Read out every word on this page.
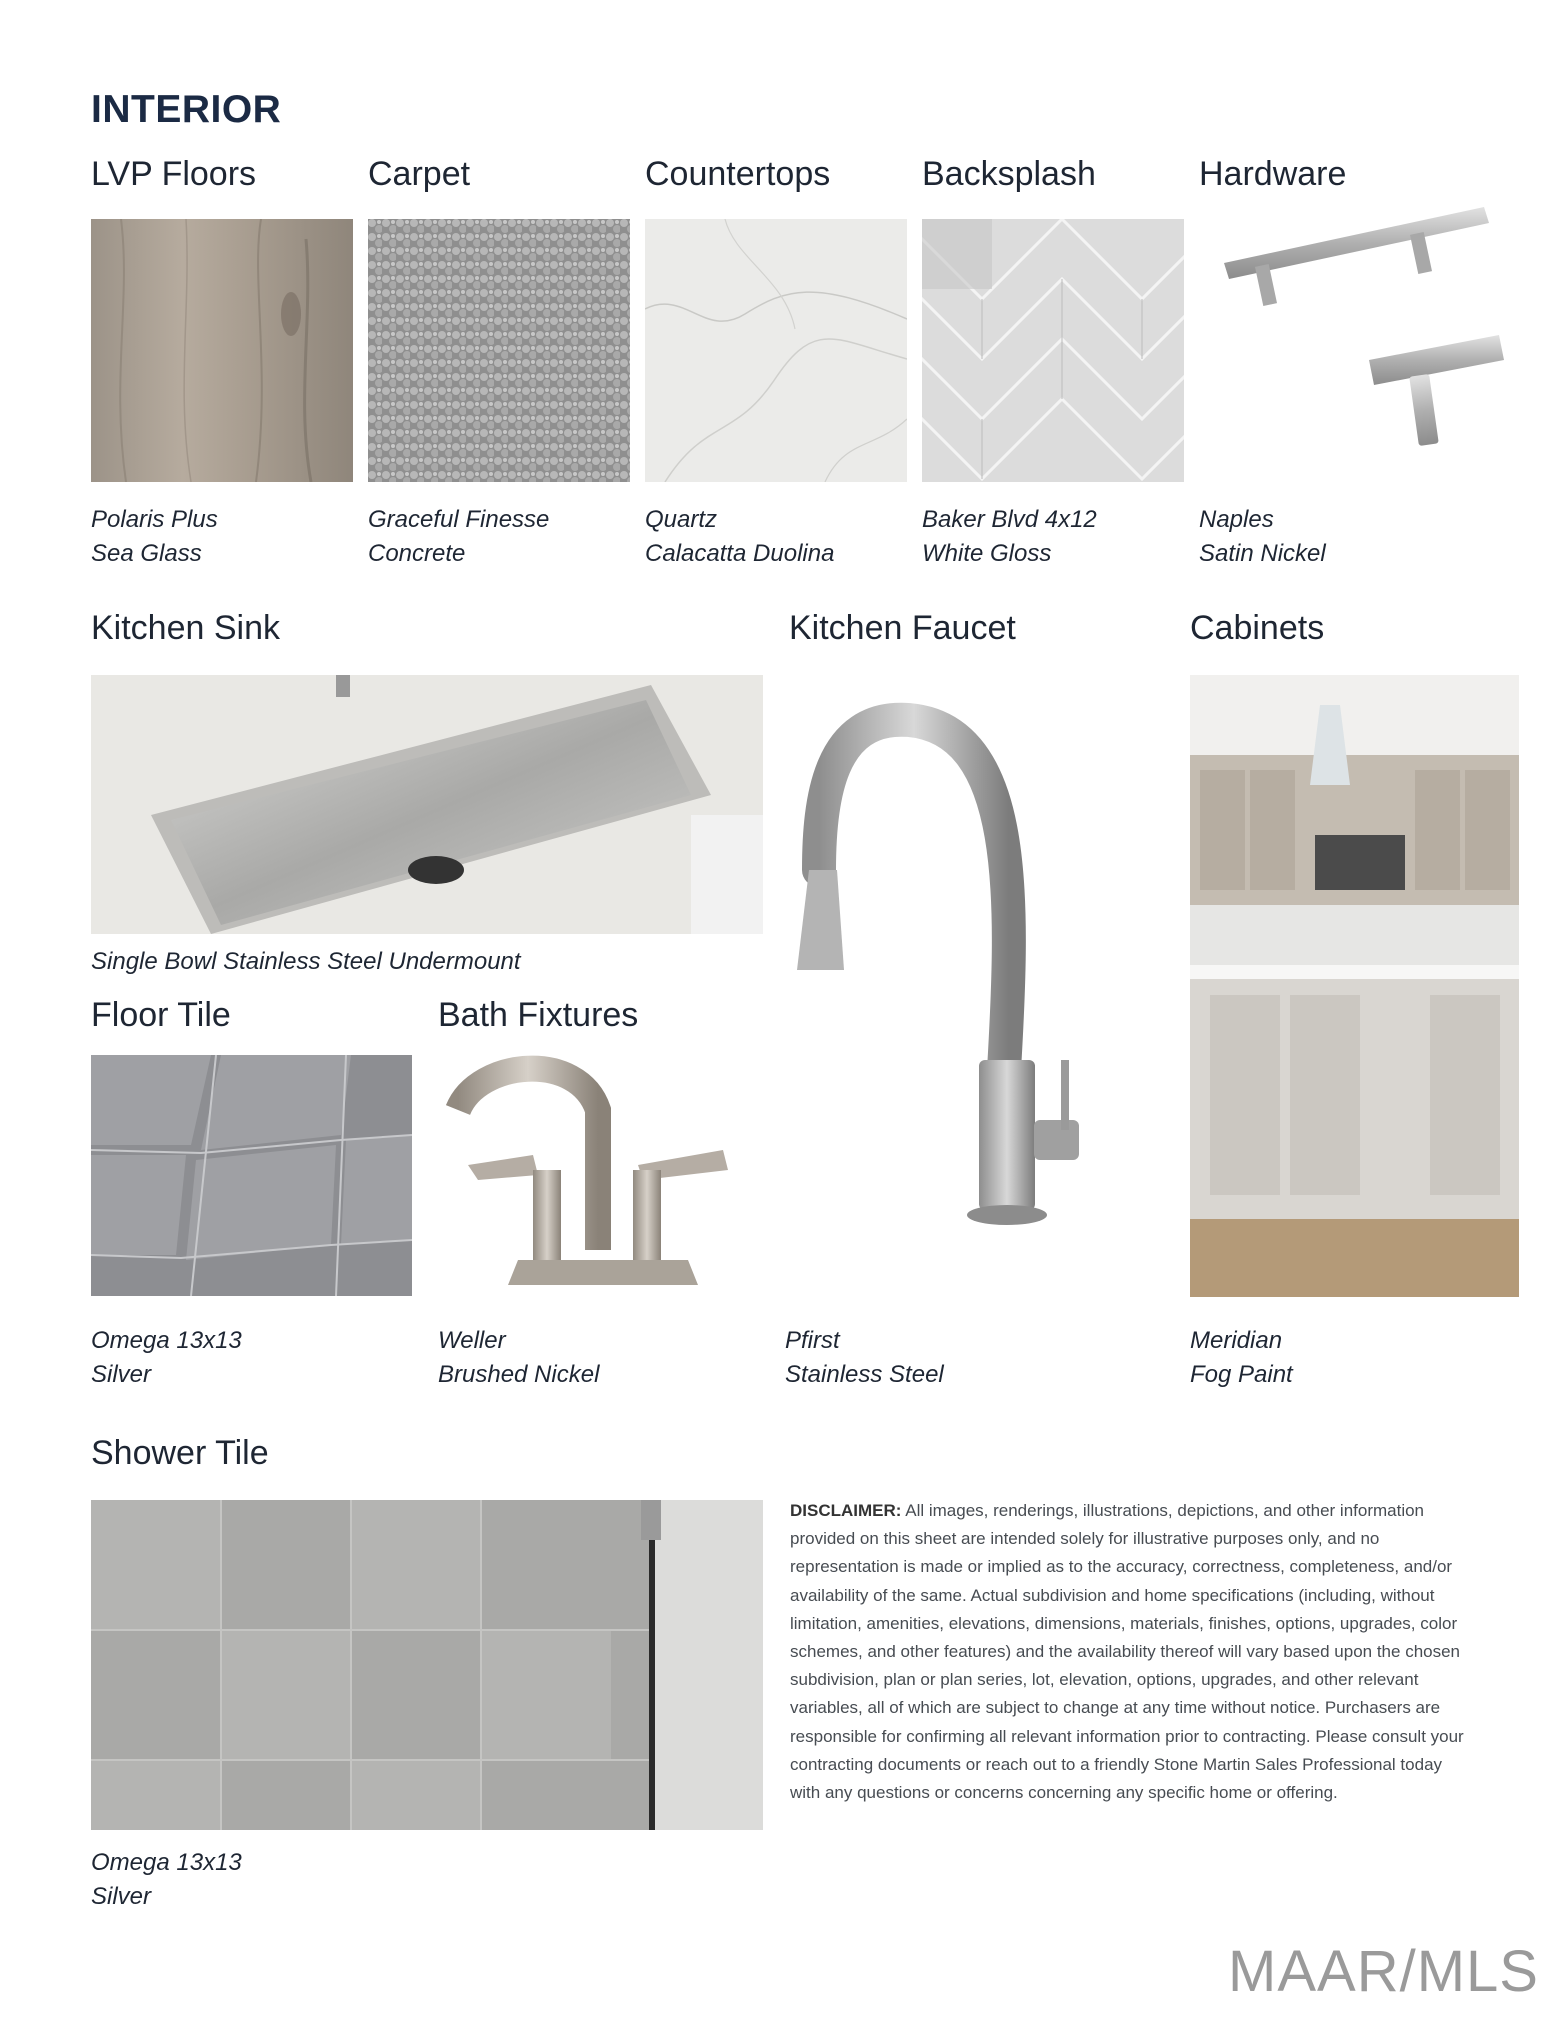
INTERIOR
LVP Floors	Carpet	Countertops	Backsplash	Hardware
Polaris Plus
Sea Glass
Graceful Finesse
Concrete
Quartz
Calacatta Duolina
Baker Blvd 4x12
White Gloss
Naples
Satin Nickel
Kitchen Sink	Kitchen Faucet	Cabinets
Single Bowl Stainless Steel Undermount
Floor Tile	Bath Fixtures
Omega 13x13
Silver
Weller
Brushed Nickel
Pfirst
Stainless Steel
Meridian
Fog Paint
Shower Tile
Omega 13x13
Silver
DISCLAIMER: All images, renderings, illustrations, depictions, and other information provided on this sheet are intended solely for illustrative purposes only, and no representation is made or implied as to the accuracy, correctness, completeness, and/or availability of the same. Actual subdivision and home specifications (including, without limitation, amenities, elevations, dimensions, materials, finishes, options, upgrades, color schemes, and other features) and the availability thereof will vary based upon the chosen subdivision, plan or plan series, lot, elevation, options, upgrades, and other relevant variables, all of which are subject to change at any time without notice. Purchasers are responsible for confirming all relevant information prior to contracting. Please consult your contracting documents or reach out to a friendly Stone Martin Sales Professional today with any questions or concerns concerning any specific home or offering.
MAAR/MLS
